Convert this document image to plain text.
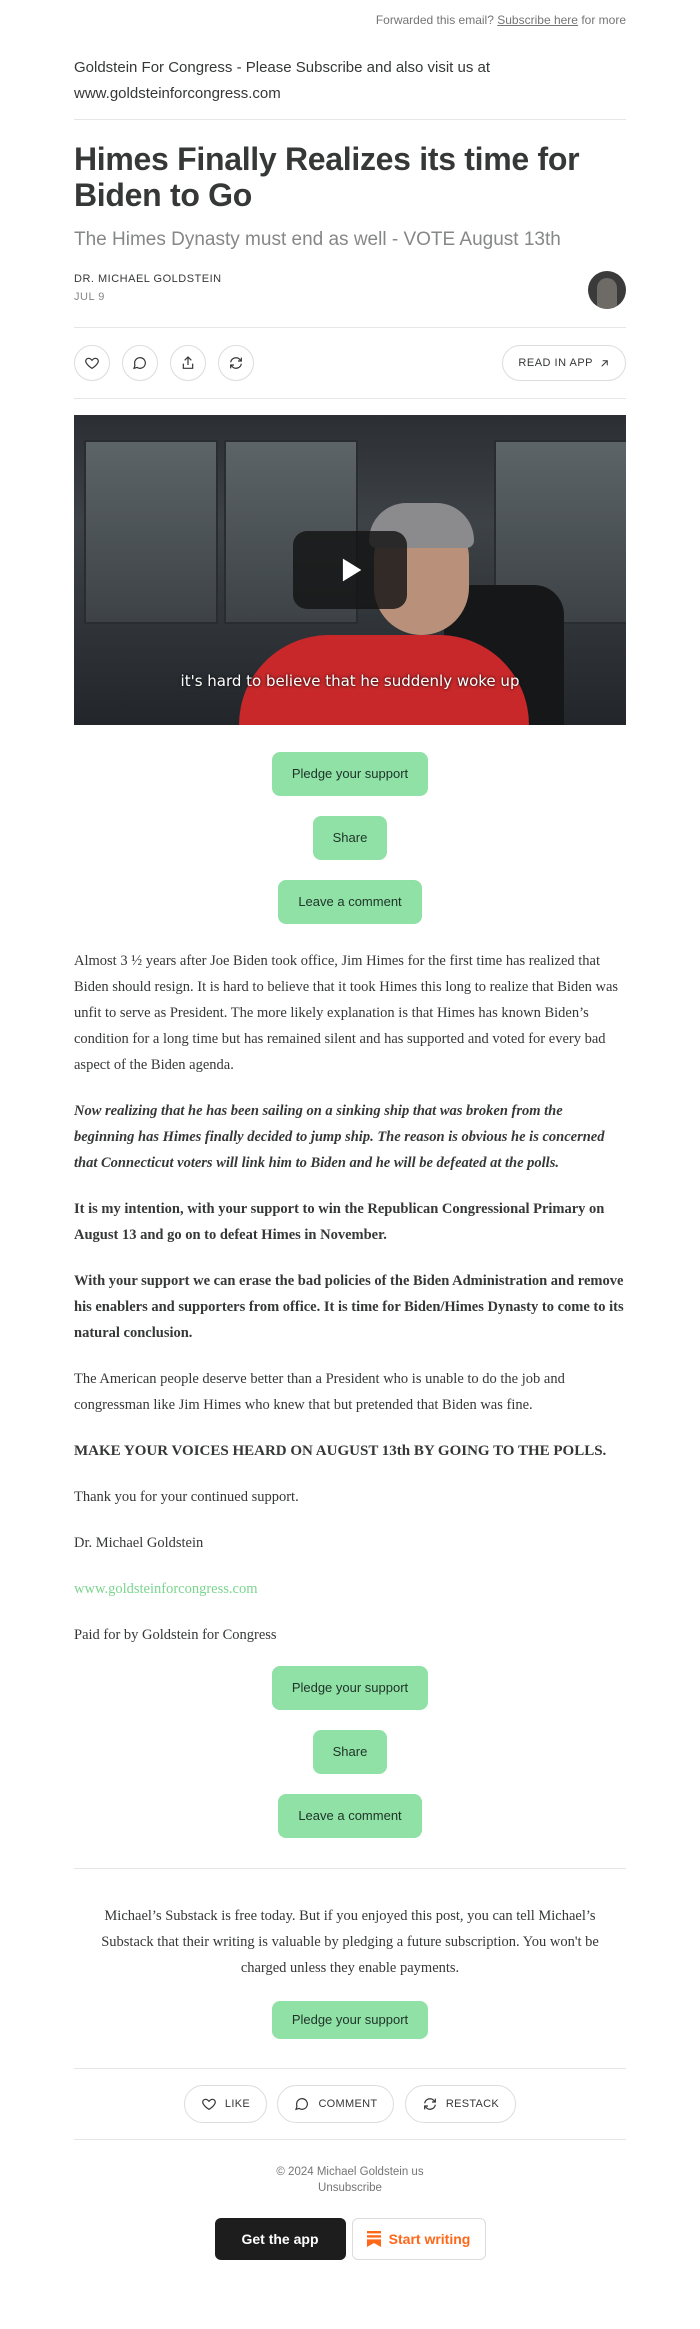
Forwarded this email? Subscribe here for more
Goldstein For Congress - Please Subscribe and also visit us at
www.goldsteinforcongress.com
Himes Finally Realizes its time for Biden to Go
The Himes Dynasty must end as well - VOTE August 13th
DR. MICHAEL GOLDSTEIN
JUL 9
READ IN APP
it's hard to believe that he suddenly woke up
Pledge your support
Share
Leave a comment

Almost 3 ½ years after Joe Biden took office, Jim Himes for the first time has realized that Biden should resign. It is hard to believe that it took Himes this long to realize that Biden was unfit to serve as President. The more likely explanation is that Himes has known Biden’s condition for a long time but has remained silent and has supported and voted for every bad aspect of the Biden agenda.

Now realizing that he has been sailing on a sinking ship that was broken from the beginning has Himes finally decided to jump ship. The reason is obvious he is concerned that Connecticut voters will link him to Biden and he will be defeated at the polls.

It is my intention, with your support to win the Republican Congressional Primary on August 13 and go on to defeat Himes in November.

With your support we can erase the bad policies of the Biden Administration and remove his enablers and supporters from office. It is time for Biden/Himes Dynasty to come to its natural conclusion.

The American people deserve better than a President who is unable to do the job and congressman like Jim Himes who knew that but pretended that Biden was fine.

MAKE YOUR VOICES HEARD ON AUGUST 13th BY GOING TO THE POLLS.

Thank you for your continued support.

Dr. Michael Goldstein

www.goldsteinforcongress.com

Paid for by Goldstein for Congress

Pledge your support
Share
Leave a comment
Michael’s Substack is free today. But if you enjoyed this post, you can tell Michael’s Substack that their writing is valuable by pledging a future subscription. You won't be charged unless they enable payments.
Pledge your support
LIKE
	COMMENT
	RESTACK
© 2024 Michael Goldstein us
Unsubscribe
Get the app	Start writing
